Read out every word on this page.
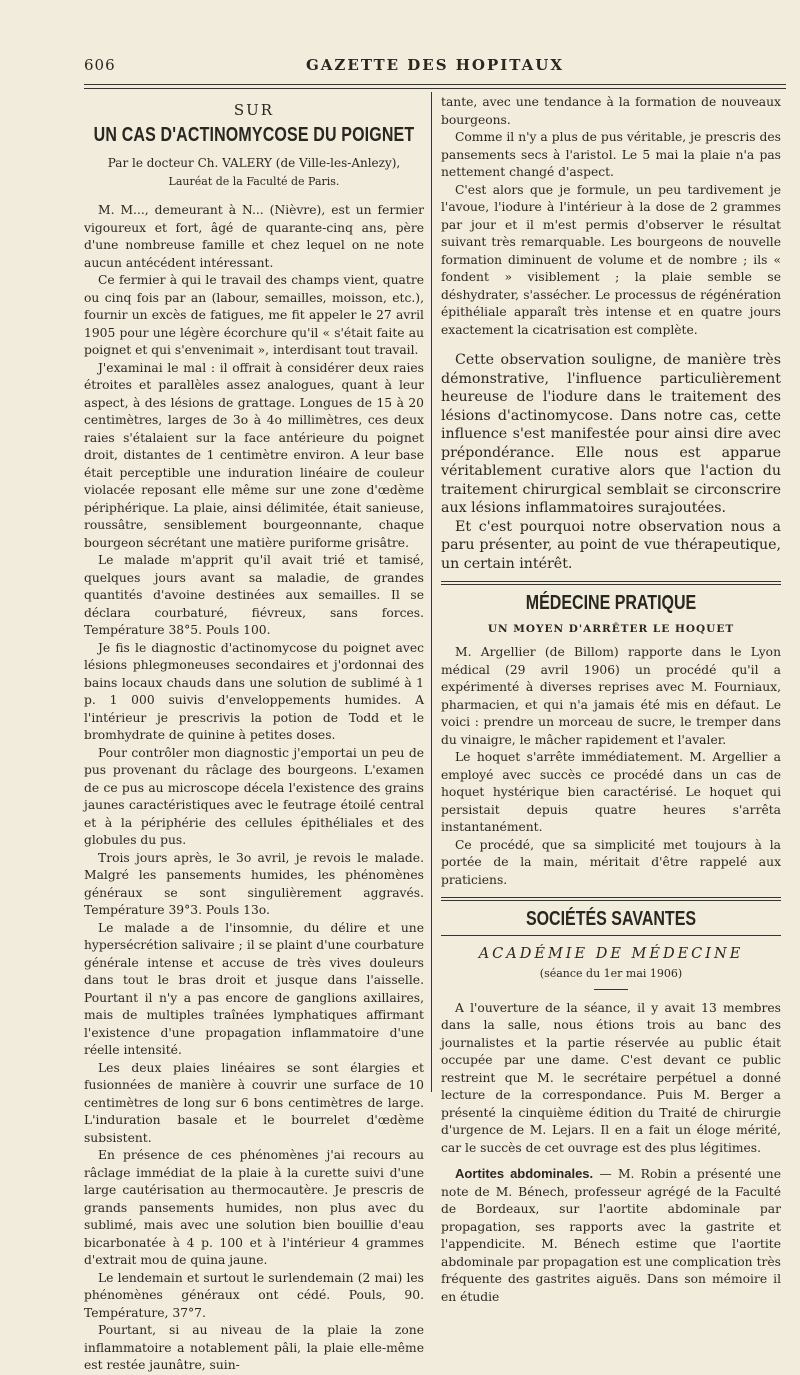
606	GAZETTE DES HOPITAUX

SUR

UN CAS D'ACTINOMYCOSE DU POIGNET

Par le docteur Ch. VALERY (de Ville-les-Anlezy),

Lauréat de la Faculté de Paris.

M. M..., demeurant à N... (Nièvre), est un fermier vigoureux et fort, âgé de quarante-cinq ans, père d'une nombreuse famille et chez lequel on ne note aucun antécédent intéressant.

Ce fermier à qui le travail des champs vient, quatre ou cinq fois par an (labour, semailles, moisson, etc.), fournir un excès de fatigues, me fit appeler le 27 avril 1905 pour une légère écorchure qu'il « s'était faite au poignet et qui s'envenimait », interdisant tout travail.

J'examinai le mal : il offrait à considérer deux raies étroites et parallèles assez analogues, quant à leur aspect, à des lésions de grattage. Longues de 15 à 20 centimètres, larges de 3o à 4o millimètres, ces deux raies s'étalaient sur la face antérieure du poignet droit, distantes de 1 centimètre environ. A leur base était perceptible une induration linéaire de couleur violacée reposant elle même sur une zone d'œdème périphérique. La plaie, ainsi délimitée, était sanieuse, roussâtre, sensiblement bourgeonnante, chaque bourgeon sécrétant une matière puriforme grisâtre.

Le malade m'apprit qu'il avait trié et tamisé, quelques jours avant sa maladie, de grandes quantités d'avoine destinées aux semailles. Il se déclara courbaturé, fiévreux, sans forces. Température 38°5. Pouls 100.

Je fis le diagnostic d'actinomycose du poignet avec lésions phlegmoneuses secondaires et j'ordonnai des bains locaux chauds dans une solution de sublimé à 1 p. 1 000 suivis d'enveloppements humides. A l'intérieur je prescrivis la potion de Todd et le bromhydrate de quinine à petites doses.

Pour contrôler mon diagnostic j'emportai un peu de pus provenant du râclage des bourgeons. L'examen de ce pus au microscope décela l'existence des grains jaunes caractéristiques avec le feutrage étoilé central et à la périphérie des cellules épithéliales et des globules du pus.

Trois jours après, le 3o avril, je revois le malade. Malgré les pansements humides, les phénomènes généraux se sont singulièrement aggravés. Température 39°3. Pouls 13o.

Le malade a de l'insomnie, du délire et une hypersécrétion salivaire ; il se plaint d'une courbature générale intense et accuse de très vives douleurs dans tout le bras droit et jusque dans l'aisselle. Pourtant il n'y a pas encore de ganglions axillaires, mais de multiples traînées lymphatiques affirmant l'existence d'une propagation inflammatoire d'une réelle intensité.

Les deux plaies linéaires se sont élargies et fusionnées de manière à couvrir une surface de 10 centimètres de long sur 6 bons centimètres de large. L'induration basale et le bourrelet d'œdème subsistent.

En présence de ces phénomènes j'ai recours au râclage immédiat de la plaie à la curette suivi d'une large cautérisation au thermocautère. Je prescris de grands pansements humides, non plus avec du sublimé, mais avec une solution bien bouillie d'eau bicarbonatée à 4 p. 100 et à l'intérieur 4 grammes d'extrait mou de quina jaune.

Le lendemain et surtout le surlendemain (2 mai) les phénomènes généraux ont cédé. Pouls, 90. Température, 37°7.

Pourtant, si au niveau de la plaie la zone inflammatoire a notablement pâli, la plaie elle-même est restée jaunâtre, suin-

tante, avec une tendance à la formation de nouveaux bourgeons.

Comme il n'y a plus de pus véritable, je prescris des pansements secs à l'aristol. Le 5 mai la plaie n'a pas nettement changé d'aspect.

C'est alors que je formule, un peu tardivement je l'avoue, l'iodure à l'intérieur à la dose de 2 grammes par jour et il m'est permis d'observer le résultat suivant très remarquable. Les bourgeons de nouvelle formation diminuent de volume et de nombre ; ils « fondent » visiblement ; la plaie semble se déshydrater, s'assécher. Le processus de régénération épithéliale apparaît très intense et en quatre jours exactement la cicatrisation est complète.

Cette observation souligne, de manière très démonstrative, l'influence particulièrement heureuse de l'iodure dans le traitement des lésions d'actinomycose. Dans notre cas, cette influence s'est manifestée pour ainsi dire avec prépondérance. Elle nous est apparue véritablement curative alors que l'action du traitement chirurgical semblait se circonscrire aux lésions inflammatoires surajoutées.

Et c'est pourquoi notre observation nous a paru présenter, au point de vue thérapeutique, un certain intérêt.

MÉDECINE PRATIQUE

UN MOYEN D'ARRÊTER LE HOQUET

M. Argellier (de Billom) rapporte dans le Lyon médical (29 avril 1906) un procédé qu'il a expérimenté à diverses reprises avec M. Fourniaux, pharmacien, et qui n'a jamais été mis en défaut. Le voici : prendre un morceau de sucre, le tremper dans du vinaigre, le mâcher rapidement et l'avaler.

Le hoquet s'arrête immédiatement. M. Argellier a employé avec succès ce procédé dans un cas de hoquet hystérique bien caractérisé. Le hoquet qui persistait depuis quatre heures s'arrêta instantanément.

Ce procédé, que sa simplicité met toujours à la portée de la main, méritait d'être rappelé aux praticiens.

SOCIÉTÉS SAVANTES

ACADÉMIE DE MÉDECINE

(séance du 1er mai 1906)

A l'ouverture de la séance, il y avait 13 membres dans la salle, nous étions trois au banc des journalistes et la partie réservée au public était occupée par une dame. C'est devant ce public restreint que M. le secrétaire perpétuel a donné lecture de la correspondance. Puis M. Berger a présenté la cinquième édition du Traité de chirurgie d'urgence de M. Lejars. Il en a fait un éloge mérité, car le succès de cet ouvrage est des plus légitimes.

Aortites abdominales. — M. Robin a présenté une note de M. Bénech, professeur agrégé de la Faculté de Bordeaux, sur l'aortite abdominale par propagation, ses rapports avec la gastrite et l'appendicite. M. Bénech estime que l'aortite abdominale par propagation est une complication très fréquente des gastrites aiguës. Dans son mémoire il en étudie
